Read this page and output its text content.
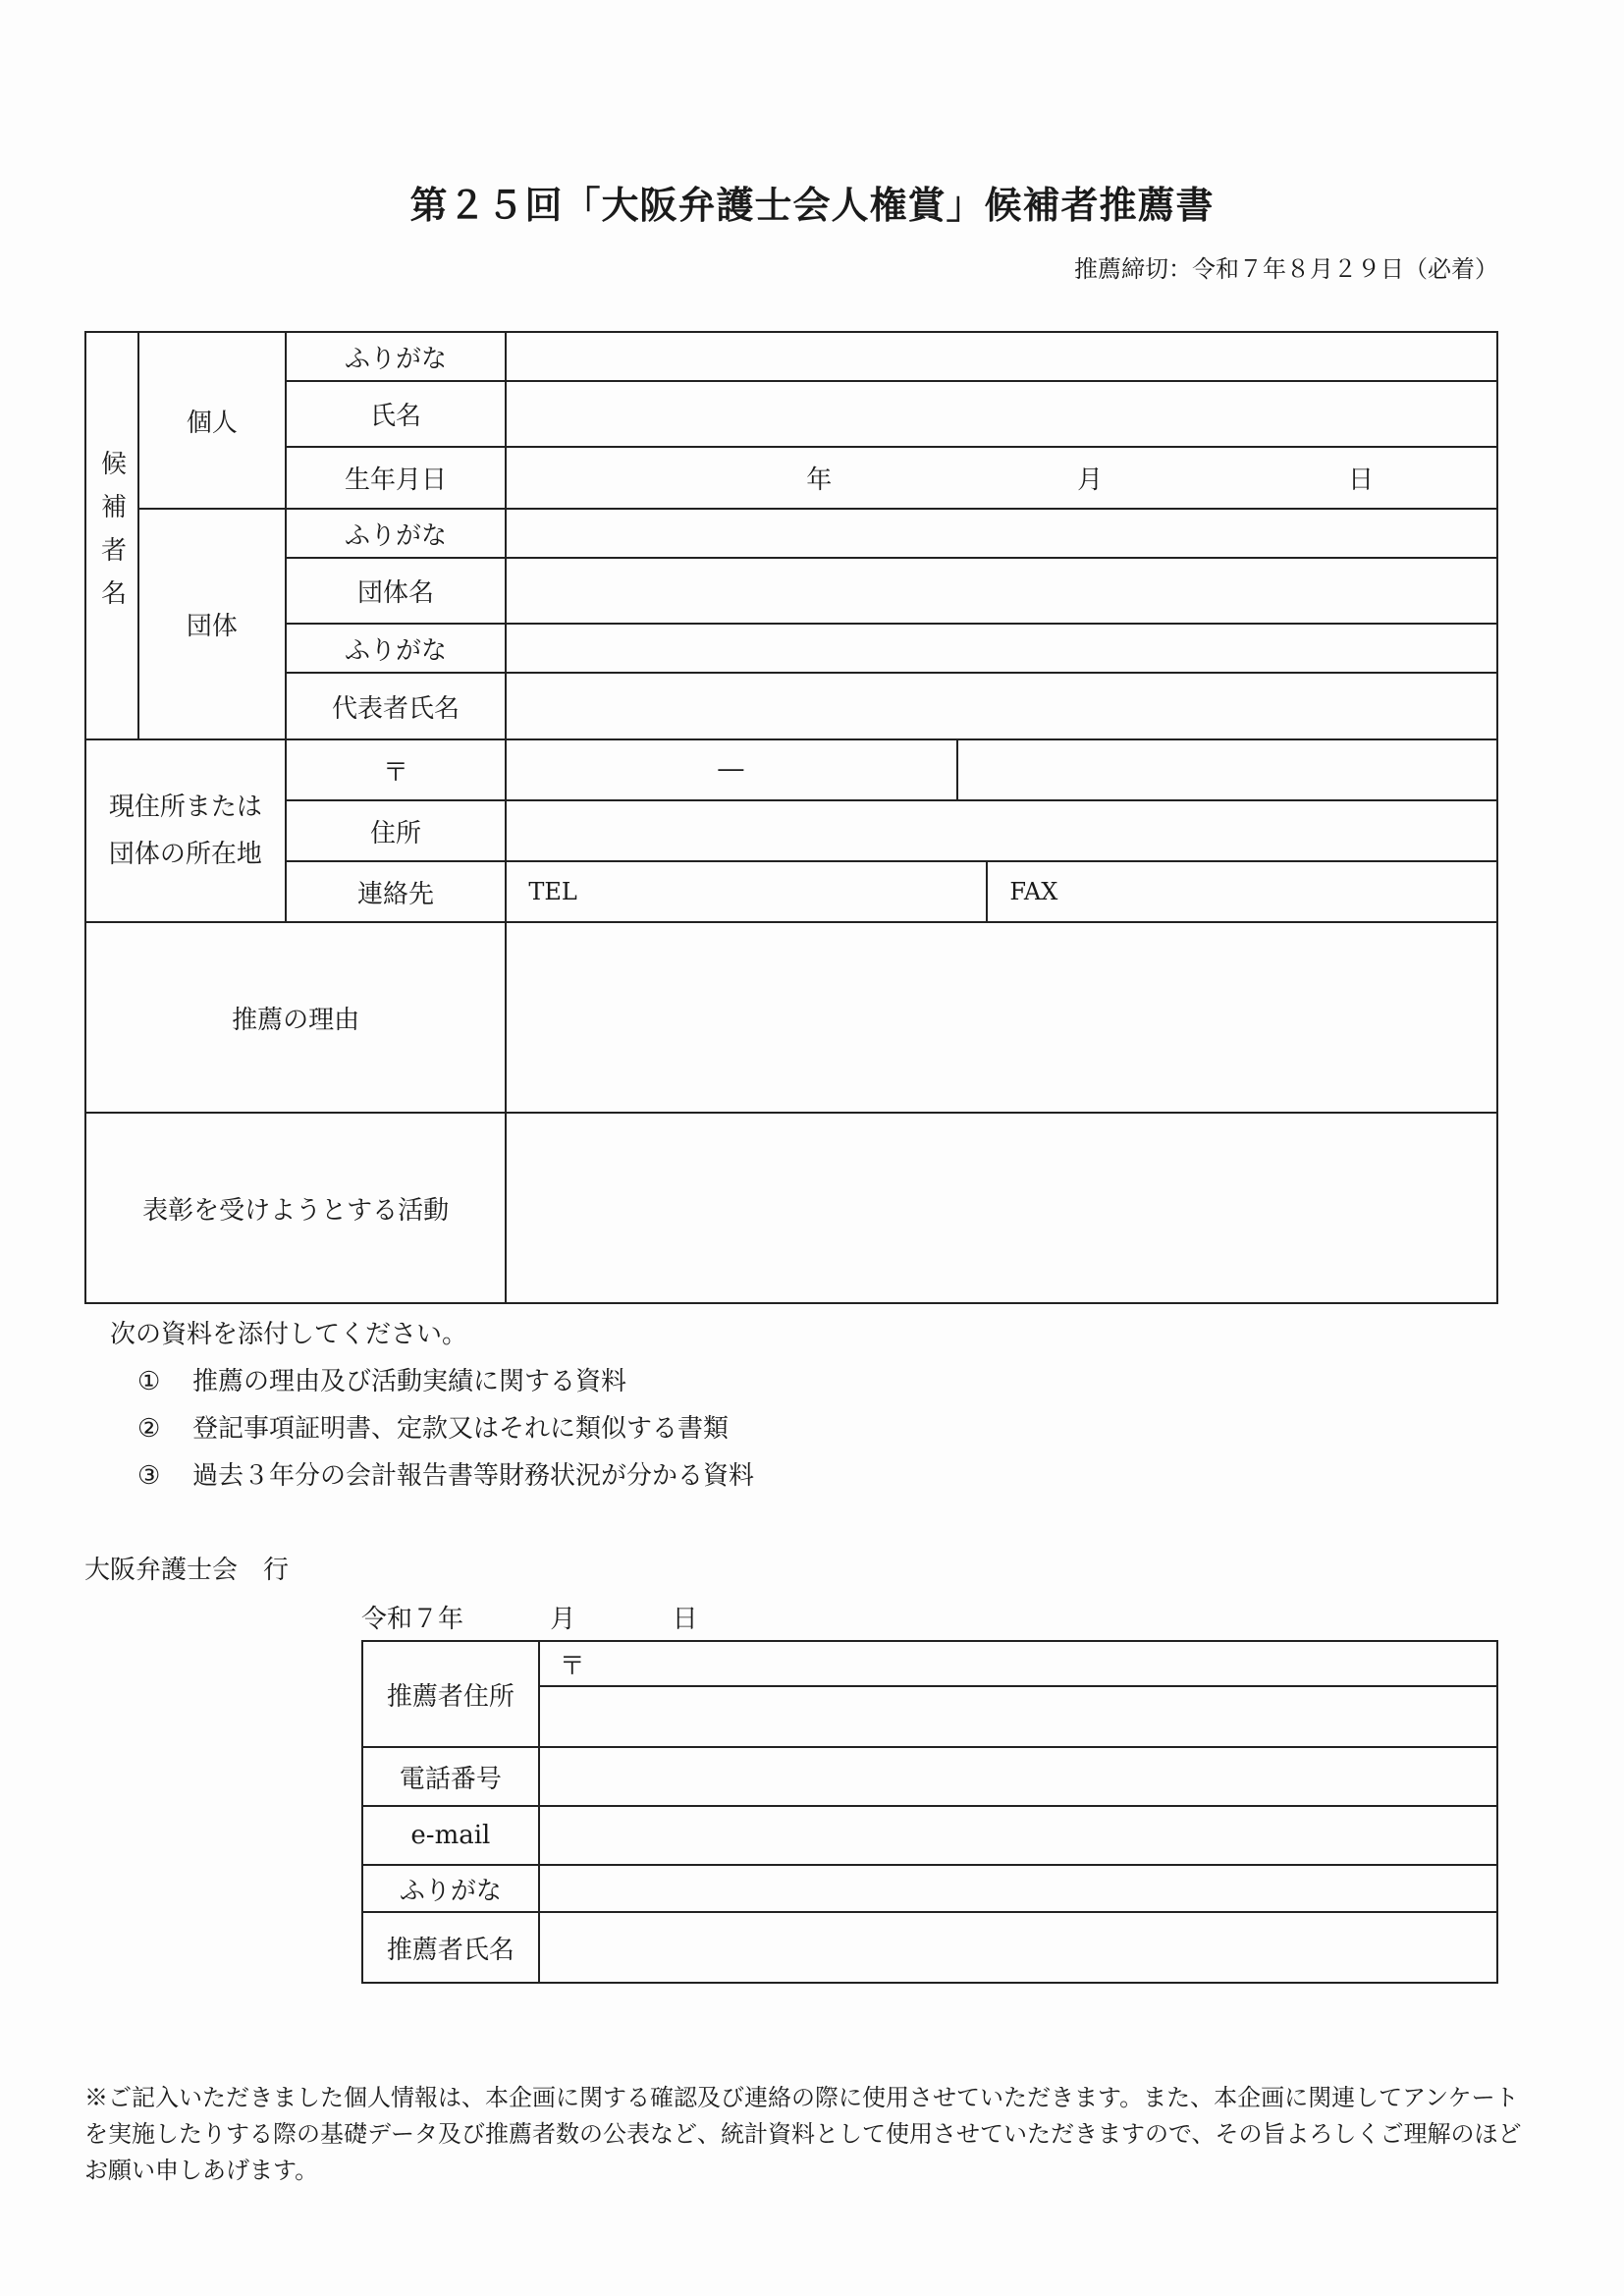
第２５回「大阪弁護士会人権賞」候補者推薦書
推薦締切：令和７年８月２９日（必着）
候補者名	個人	ふりがな	
		氏名	
		生年月日	年 月 日

	団体	ふりがな	
		団体名	
		ふりがな	
		代表者氏名	

現住所または
団体の所在地		〒	―

		住所	
		連絡先	TEL FAX

推薦の理由			
表彰を受けようとする活動			
次の資料を添付してください。
① 推薦の理由及び活動実績に関する資料
② 登記事項証明書、定款又はそれに類似する書類
③ 過去３年分の会計報告書等財務状況が分かる資料
大阪弁護士会　行
令和７年	月	日
推薦者住所	〒

電話番号	
e-mail	
ふりがな	
推薦者氏名	
※ご記入いただきました個人情報は、本企画に関する確認及び連絡の際に使用させていただきます。また、本企画に関連してアンケートを実施したりする際の基礎データ及び推薦者数の公表など、統計資料として使用させていただきますので、その旨よろしくご理解のほどお願い申しあげます。
